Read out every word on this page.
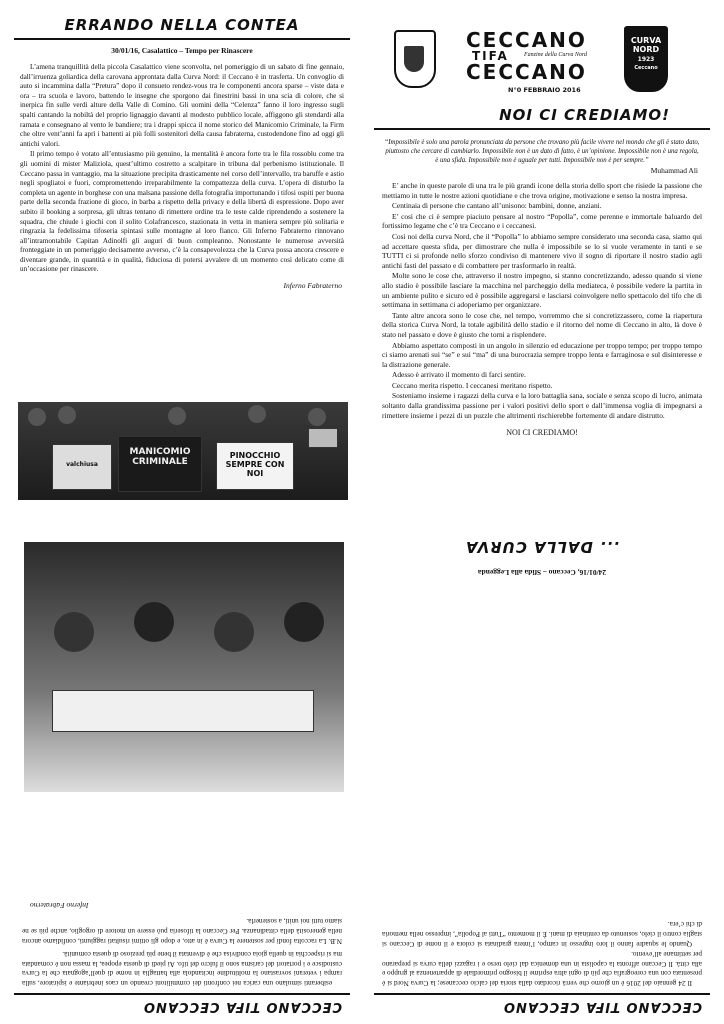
ERRANDO NELLA CONTEA
30/01/16, Casalattico – Tempo per Rinascere

L’amena tranquillità della piccola Casalattico viene sconvolta, nel pomeriggio di un sabato di fine gennaio, dall’irruenza goliardica della carovana approntata dalla Curva Nord: il Ceccano è in trasferta. Un convoglio di auto si incammina dalla “Pretura” dopo il consueto rendez-vous tra le componenti ancora sparse – viste data e ora – tra scuola e lavoro, battendo le insegne che sporgono dai finestrini bassi in una scia di colore, che si inerpica fin sulle verdi alture della Valle di Comino. Gli uomini della “Celenza” fanno il loro ingresso sugli spalti cantando la nobiltà del proprio lignaggio davanti al modesto pubblico locale, affiggono gli stendardi alla ramata e consegnano al vento le bandiere; tra i drappi spicca il nome storico del Manicomio Criminale, la Firm che oltre vent’anni fa aprì i battenti ai più folli sostenitori della causa fabraterna, custodendone fino ad oggi gli antichi valori.

Il primo tempo è votato all’entusiasmo più genuino, la mentalità è ancora forte tra le fila rossoblu come tra gli uomini di mister Maliziola, quest’ultimo costretto a scalpitare in tribuna dal perbenismo istituzionale. Il Ceccano passa in vantaggio, ma la situazione precipita drasticamente nel corso dell’intervallo, tra baruffe e astio negli spogliatoi e fuori, compromettendo irreparabilmente la compattezza della curva. L’opera di disturbo la completa un agente in borghese con una malsana passione della fotografia importunando i tifosi ospiti per buona parte della seconda frazione di gioco, in barba a rispetto della privacy e della libertà di espressione. Dopo aver subito il booking a sorpresa, gli ultras tentano di rimettere ordine tra le teste calde riprendendo a sostenere la squadra, che chiude i giochi con il solito Colafrancesco, stazionata in vetta in maniera sempre più solitaria e ringrazia la fedelissima tifoseria spintasi sulle montagne al loro fianco. Gli Inferno Fabraterno rinnovano all’intramontabile Capitan Adinolfi gli auguri di buon compleanno. Nonostante le numerose avversità fronteggiate in un pomeriggio decisamente avverso, c’è la consapevolezza che la Curva possa ancora crescere e diventare grande, in quantità e in qualità, fiduciosa di potersi avvalere di un momento così delicato come di un’occasione per rinascere.

Inferno Fabraterno
valchiusa
MANICOMIO CRIMINALE
PINOCCHIO SEMPRE CON NOI
CECCANO
TIFA
CECCANO
Fanzine della Curva Nord
N°0 FEBBRAIO 2016
CURVA
NORD
1923
Ceccano
NOI CI CREDIAMO!

“Impossibile è solo una parola pronunciata da persone che trovano più facile vivere nel mondo che gli è stato dato, piuttosto che cercare di cambiarlo. Impossibile non è un dato di fatto, è un’opinione. Impossibile non è una regola, è una sfida. Impossibile non è uguale per tutti. Impossibile non è per sempre.”

Muhammad Ali

E’ anche in queste parole di una tra le più grandi icone della storia dello sport che risiede la passione che mettiamo in tutte le nostre azioni quotidiane e che trova origine, motivazione e senso la nostra impresa.

Centinaia di persone che cantano all’unisono: bambini, donne, anziani.

E’ così che ci è sempre piaciuto pensare al nostro “Popolla”, come perenne e immortale baluardo del fortissimo legame che c’è tra Ceccano e i ceccanesi.

Così noi della curva Nord, che il “Popolla” lo abbiamo sempre considerato una seconda casa, siamo qui ad accettare questa sfida, per dimostrare che nulla è impossibile se lo si vuole veramente in tanti e se TUTTI ci si profonde nello sforzo condiviso di mantenere vivo il sogno di riportare il nostro stadio agli antichi fasti del passato e di combattere per trasformarlo in realtà.

Molte sono le cose che, attraverso il nostro impegno, si stanno concretizzando, adesso quando si viene allo stadio è possibile lasciare la macchina nel parcheggio della mediateca, è possibile vedere la partita in un ambiente pulito e sicuro ed è possibile aggregarsi e lasciarsi coinvolgere nello spettacolo del tifo che di settimana in settimana ci adoperiamo per organizzare.

Tante altre ancora sono le cose che, nel tempo, vorremmo che si concretizzassero, come la riapertura della storica Curva Nord, la totale agibilità dello stadio e il ritorno del nome di Ceccano in alto, là dove è stato nel passato e dove è giusto che torni a risplendere.

Abbiamo aspettato composti in un angolo in silenzio ed educazione per troppo tempo; per troppo tempo ci siamo arenati sui “se” e sui “ma” di una burocrazia sempre troppo lenta e farraginosa e sul disinteresse e la distrazione generale.

Adesso è arrivato il momento di farci sentire.

Ceccano merita rispetto. I ceccanesi meritano rispetto.

Sosteniamo insieme i ragazzi della curva e la loro battaglia sana, sociale e senza scopo di lucro, animata soltanto dalla grandissima passione per i valori positivi dello sport e dall’immensa voglia di impegnarsi a rimettere insieme i pezzi di un puzzle che altrimenti rischierebbe fortemente di andare distrutto.

NOI CI CREDIAMO!
CECCANO TIFA CECCANO

esiberanti simulano una carica nei confronti dei commilitoni creando un caos inebriante e ispiratore, sulla rampa i veterani sovrastano la moltitudine incitandola alla battaglia in nome di quell’agognata che la Curva custodisce e i portatori del carisma sono il fulcro del tifo. Ai piedi di questa epopea, la massa non è comandata ma si rispecchia in quella gioia condivisa che è diventata il bene più prezioso di questa comunità.

N.B. La raccolta fondi per sostenere la Curva è in atto, e dopo gli ottimi risultati raggiunti, confidiamo ancora nella generosità della cittadinanza. Per Ceccano la tifoseria può essere un motore di orgoglio, anche più se ne siamo tutti noi uniti, a sostenerla.

Inferno Fabraterno
CECCANO TIFA CECCANO

Il 24 gennaio del 2016 è un giorno che verrà ricordato dalla storia del calcio ceccanese; la Curva Nord si è presentata con una coreografia che più di ogni altra esprime il bisogno primordiale di appartenenza al gruppo e alla città. Il Ceccano affronta la capolista in una domenica dal cielo terso e i ragazzi della curva si preparano per settimane all’evento.

Quando le squadre fanno il loro ingresso in campo, l’intera gradinata si colora e il nome di Ceccano si staglia contro il cielo, sostenuto da centinaia di mani. È il momento “Tutti al Popolla”, impresso nella memoria di chi c’era.

24/01/16, Ceccano – Sfida alla Leggenda
... DALLA CURVA
